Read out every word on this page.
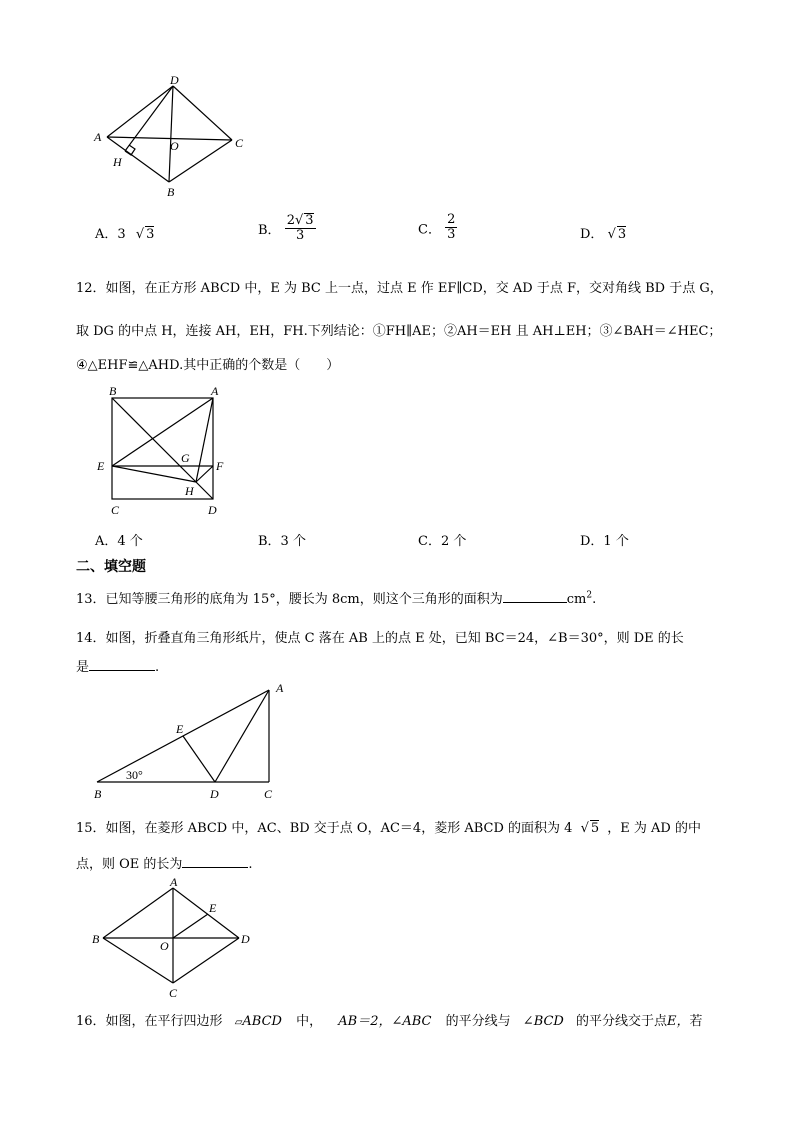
D
A
O	C
H
B
A．3 √ 3	B． $\frac{2√ 3}{3}$	C． $\frac{2}{3}$	D． √ 3
12．如图，在正方形 ABCD 中，E 为 BC 上一点，过点 E 作 EF∥CD，交 AD 于点 F，交对角线 BD 于点 G，
取 DG 的中点 H，连接 AH，EH，FH.下列结论：①FH∥AE；②AH＝EH 且 AH⊥EH；③∠BAH＝∠HEC；
④△EHF≌△AHD.其中正确的个数是（　　）
B	A
E
G
F
H
C	D
A．4 个	B．3 个	C．2 个	D．1 个
二、填空题
13．已知等腰三角形的底角为 15°，腰长为 8cm，则这个三角形的面积为	$cm^2$.
14．如图，折叠直角三角形纸片，使点 C 落在 AB 上的点 E 处，已知 BC＝24，∠B＝30°，则 DE 的长
是	.
A
E
30°
B	D	C
15．如图，在菱形 ABCD 中，AC、BD 交于点 O，AC＝4，菱形 ABCD 的面积为 4 √ 5 ，E 为 AD 的中
点，则 OE 的长为	.
A
E
B	O	D
C
16．如图，在平行四边形 ▱ABCD 中， AB＝2，∠ABC 的平分线与 ∠BCD 的平分线交于点E，若
